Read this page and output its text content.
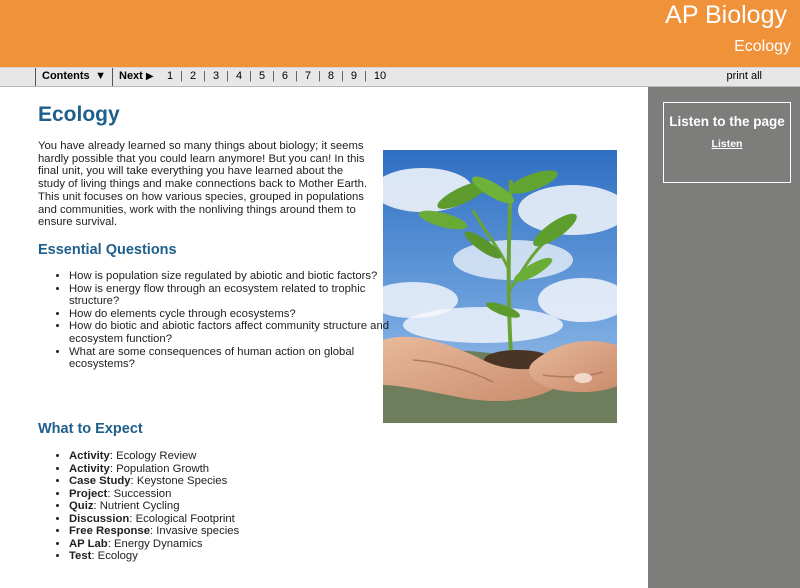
AP Biology
Ecology
Contents ▼ Next ▶	1 | 2 | 3 | 4 | 5 | 6 | 7 | 8 | 9 | 10	print all
Listen to the page
Listen
Ecology

You have already learned so many things about biology; it seems hardly possible that you could learn anymore! But you can! In this final unit, you will take everything you have learned about the study of living things and make connections back to Mother Earth. This unit focuses on how various species, grouped in populations and communities, work with the nonliving things around them to ensure survival.

Essential Questions
• How is population size regulated by abiotic and biotic factors?
• How is energy flow through an ecosystem related to trophic structure?
• How do elements cycle through ecosystems?
• How do biotic and abiotic factors affect community structure and ecosystem function?
• What are some consequences of human action on global ecosystems?
What to Expect
• Activity: Ecology Review
• Activity: Population Growth
• Case Study: Keystone Species
• Project: Succession
• Quiz: Nutrient Cycling
• Discussion: Ecological Footprint
• Free Response: Invasive species
• AP Lab: Energy Dynamics
• Test: Ecology
